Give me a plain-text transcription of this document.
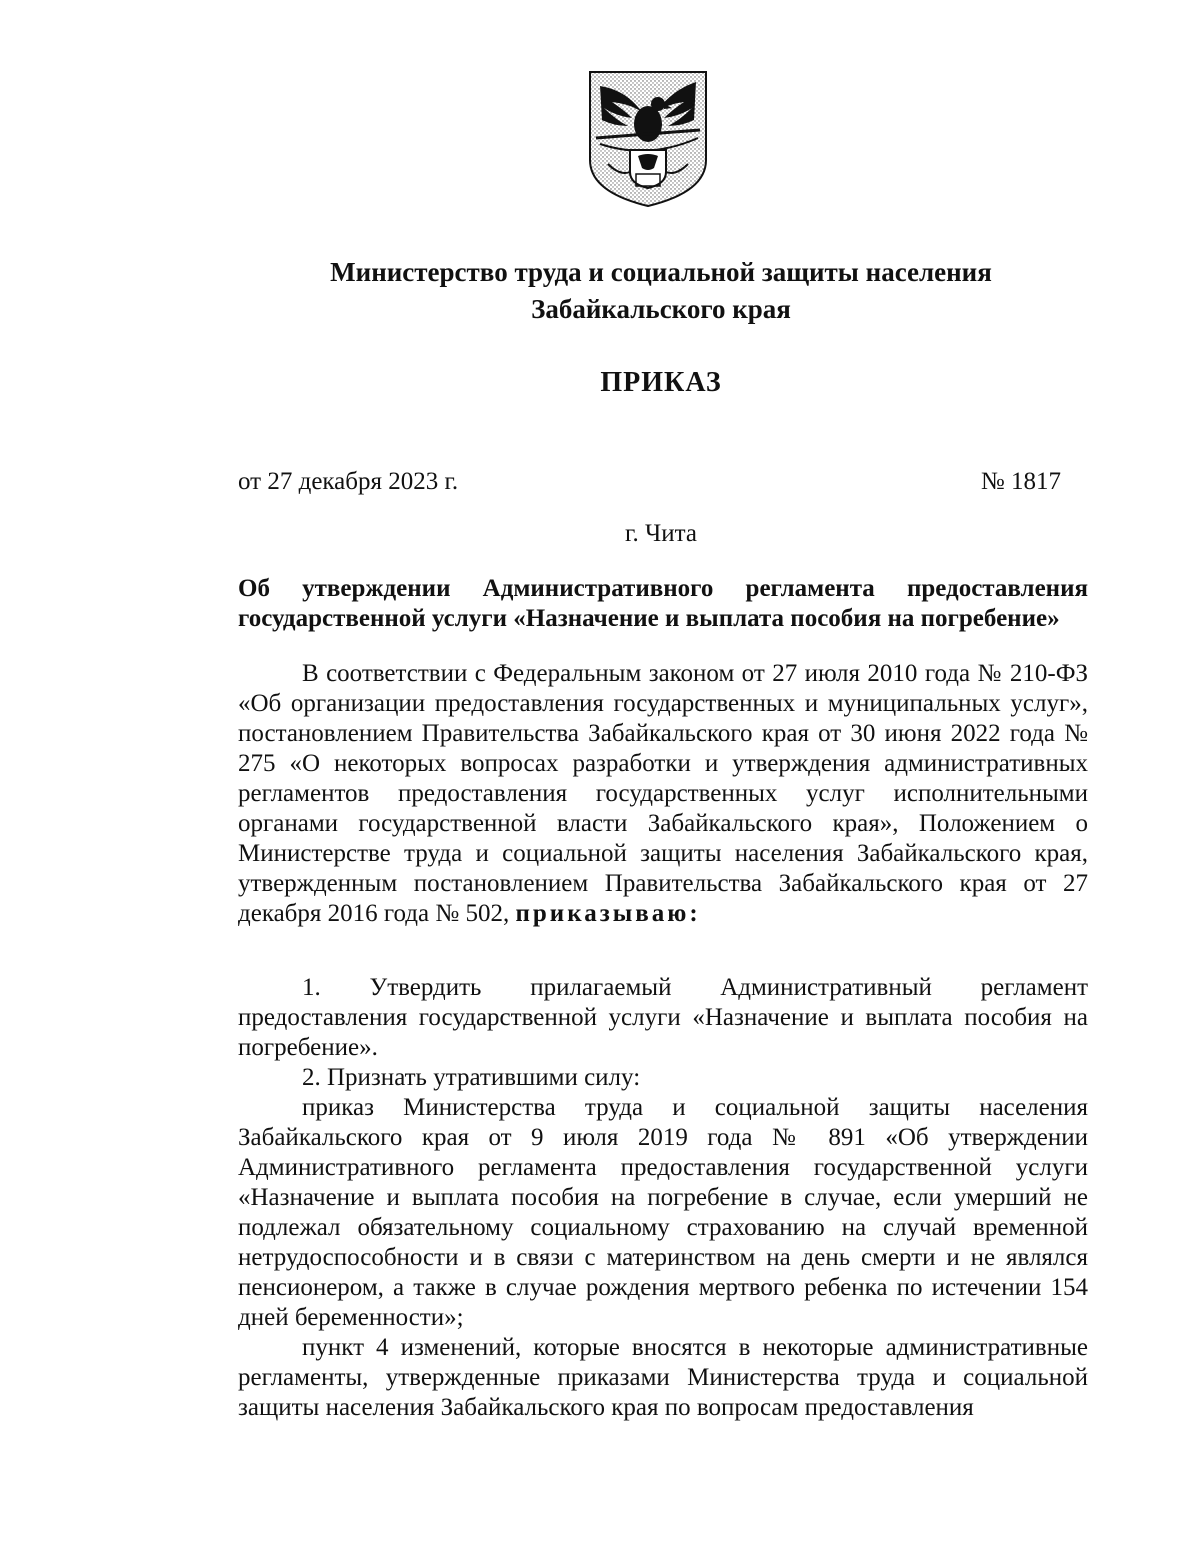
Министерство труда и социальной защиты населения
Забайкальского края
ПРИКАЗ
от 27 декабря 2023 г.	№ 1817
г. Чита
Об утверждении Административного регламента предоставления государственной услуги «Назначение и выплата пособия на погребение»

В соответствии с Федеральным законом от 27 июля 2010 года № 210-ФЗ «Об организации предоставления государственных и муниципальных услуг», постановлением Правительства Забайкальского края от 30 июня 2022 года № 275 «О некоторых вопросах разработки и утверждения административных регламентов предоставления государственных услуг исполнительными органами государственной власти Забайкальского края», Положением о Министерстве труда и социальной защиты населения Забайкальского края, утвержденным постановлением Правительства Забайкальского края от 27 декабря 2016 года № 502, приказываю:

1. Утвердить прилагаемый Административный регламент предоставления государственной услуги «Назначение и выплата пособия на погребение».

2. Признать утратившими силу:

приказ Министерства труда и социальной защиты населения Забайкальского края от 9 июля 2019 года № 891 «Об утверждении Административного регламента предоставления государственной услуги «Назначение и выплата пособия на погребение в случае, если умерший не подлежал обязательному социальному страхованию на случай временной нетрудоспособности и в связи с материнством на день смерти и не являлся пенсионером, а также в случае рождения мертвого ребенка по истечении 154 дней беременности»;

пункт 4 изменений, которые вносятся в некоторые административные регламенты, утвержденные приказами Министерства труда и социальной защиты населения Забайкальского края по вопросам предоставления
